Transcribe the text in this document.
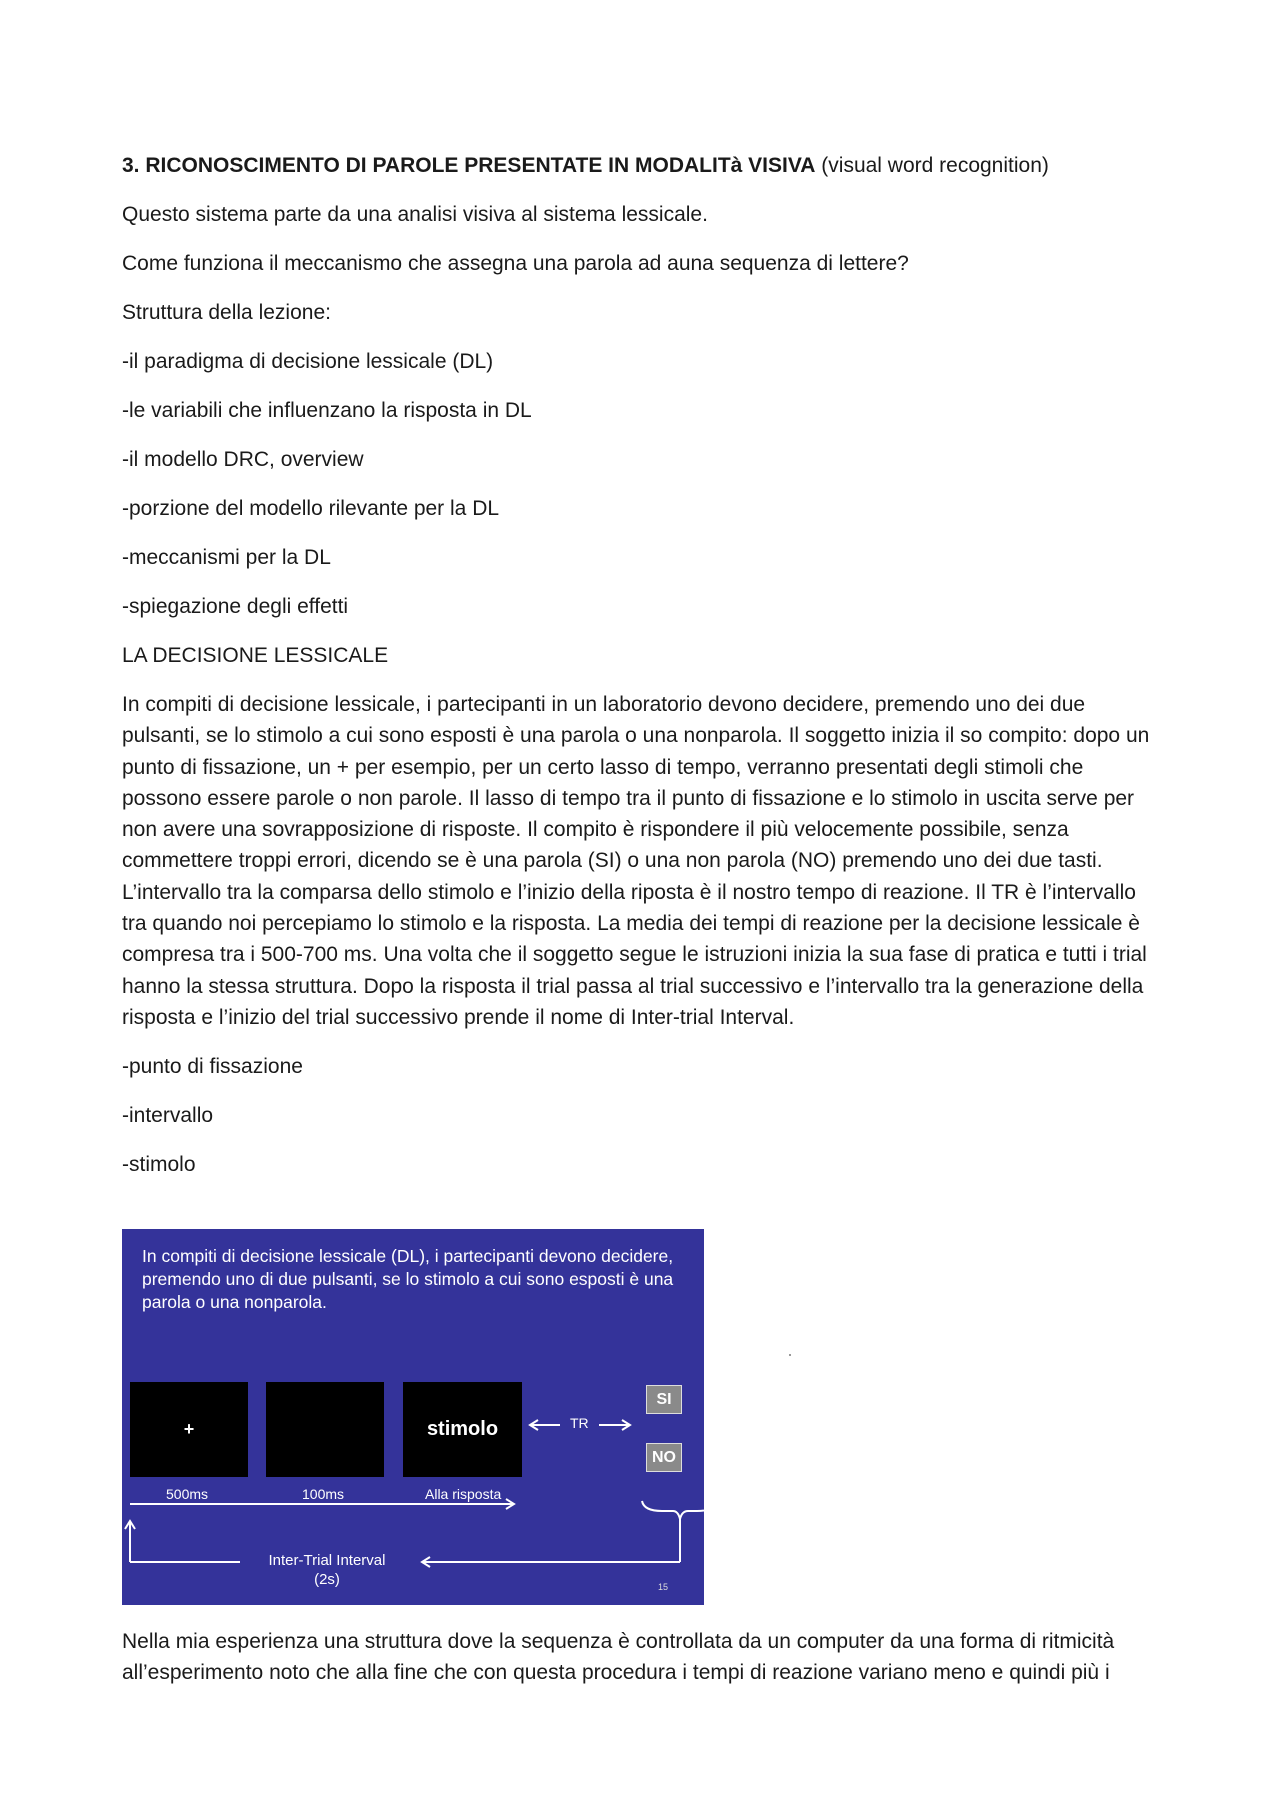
3. RICONOSCIMENTO DI PAROLE PRESENTATE IN MODALITà VISIVA (visual word recognition)

Questo sistema parte da una analisi visiva al sistema lessicale.

Come funziona il meccanismo che assegna una parola ad auna sequenza di lettere?

Struttura della lezione:

-il paradigma di decisione lessicale (DL)

-le variabili che influenzano la risposta in DL

-il modello DRC, overview

-porzione del modello rilevante per la DL

-meccanismi per la DL

-spiegazione degli effetti

LA DECISIONE LESSICALE

In compiti di decisione lessicale, i partecipanti in un laboratorio devono decidere, premendo uno dei due pulsanti, se lo stimolo a cui sono esposti è una parola o una nonparola. Il soggetto inizia il so compito: dopo un punto di fissazione, un + per esempio, per un certo lasso di tempo, verranno presentati degli stimoli che possono essere parole o non parole. Il lasso di tempo tra il punto di fissazione e lo stimolo in uscita serve per non avere una sovrapposizione di risposte. Il compito è rispondere il più velocemente possibile, senza commettere troppi errori, dicendo se è una parola (SI) o una non parola (NO) premendo uno dei due tasti. L’intervallo tra la comparsa dello stimolo e l’inizio della riposta è il nostro tempo di reazione. Il TR è l’intervallo tra quando noi percepiamo lo stimolo e la risposta. La media dei tempi di reazione per la decisione lessicale è compresa tra i 500-700 ms. Una volta che il soggetto segue le istruzioni inizia la sua fase di pratica e tutti i trial hanno la stessa struttura. Dopo la risposta il trial passa al trial successivo e l’intervallo tra la generazione della risposta e l’inizio del trial successivo prende il nome di Inter-trial Interval.

-punto di fissazione

-intervallo

-stimolo

In compiti di decisione lessicale (DL), i partecipanti devono decidere, premendo uno di due pulsanti, se lo stimolo a cui sono esposti è una parola o una nonparola.
+	stimolo	TR
SI
NO
500ms	100ms	Alla risposta
Inter-Trial Interval
(2s)	15

Nella mia esperienza una struttura dove la sequenza è controllata da un computer da una forma di ritmicità all’esperimento noto che alla fine che con questa procedura i tempi di reazione variano meno e quindi più i
